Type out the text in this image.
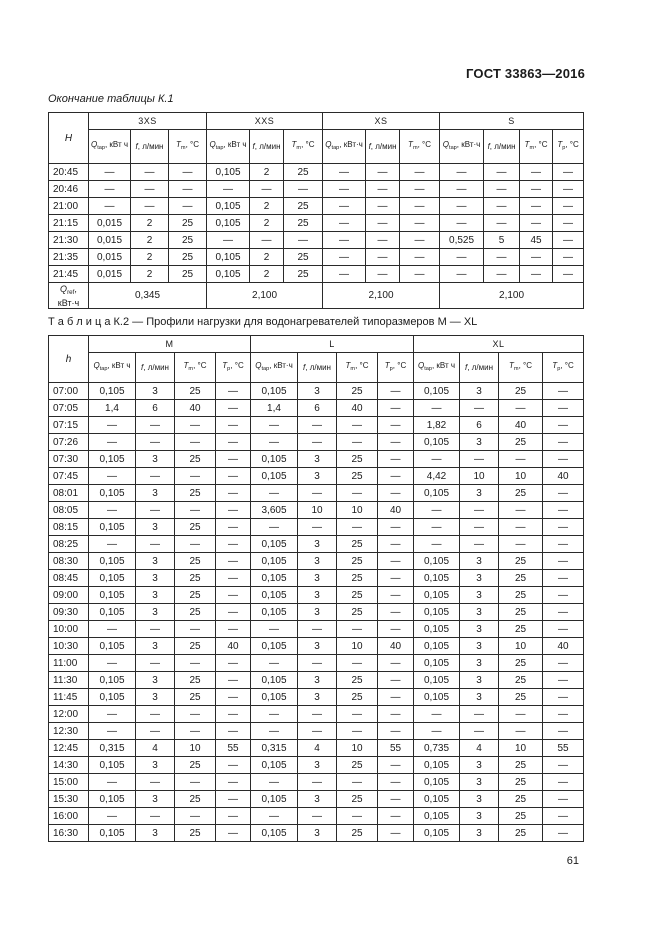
ГОСТ 33863—2016
Окончание таблицы К.1
H	3XS			XXS			XS			S			
	$Q_{tap}$, кВт ч	f, л/мин	$T_m$, °C	$Q_{tap}$, кВт ч	f, л/мин	$T_m$, °C	$Q_{tap}$, кВт·ч	f, л/мин	$T_m$, °C	$Q_{tap}$, кВт·ч	f, л/мин	$T_m$, °C	$T_p$, °C
20:45	—	—	—	0,105	2	25	—	—	—	—	—	—	—
20:46	—	—	—	—	—	—	—	—	—	—	—	—	—
21:00	—	—	—	0,105	2	25	—	—	—	—	—	—	—
21:15	0,015	2	25	0,105	2	25	—	—	—	—	—	—	—
21:30	0,015	2	25	—	—	—	—	—	—	0,525	5	45	—
21:35	0,015	2	25	0,105	2	25	—	—	—	—	—	—	—
21:45	0,015	2	25	0,105	2	25	—	—	—	—	—	—	—
$Q_{ref}$, кВт·ч	0,345			2,100			2,100			2,100			
Т а б л и ц а К.2 — Профили нагрузки для водонагревателей типоразмеров M — XL
h	M				L				XL			
	$Q_{tap}$, кВт ч	f, л/мин	$T_m$, °C	$T_p$, °C	$Q_{tap}$, кВт·ч	f, л/мин	$T_m$, °C	$T_p$, °C	$Q_{tap}$, кВт ч	f, л/мин	$T_m$, °C	$T_p$, °C
07:00	0,105	3	25	—	0,105	3	25	—	0,105	3	25	—
07:05	1,4	6	40	—	1,4	6	40	—	—	—	—	—
07:15	—	—	—	—	—	—	—	—	1,82	6	40	—
07:26	—	—	—	—	—	—	—	—	0,105	3	25	—
07:30	0,105	3	25	—	0,105	3	25	—	—	—	—	—
07:45	—	—	—	—	0,105	3	25	—	4,42	10	10	40
08:01	0,105	3	25	—	—	—	—	—	0,105	3	25	—
08:05	—	—	—	—	3,605	10	10	40	—	—	—	—
08:15	0,105	3	25	—	—	—	—	—	—	—	—	—
08:25	—	—	—	—	0,105	3	25	—	—	—	—	—
08:30	0,105	3	25	—	0,105	3	25	—	0,105	3	25	—
08:45	0,105	3	25	—	0,105	3	25	—	0,105	3	25	—
09:00	0,105	3	25	—	0,105	3	25	—	0,105	3	25	—
09:30	0,105	3	25	—	0,105	3	25	—	0,105	3	25	—
10:00	—	—	—	—	—	—	—	—	0,105	3	25	—
10:30	0,105	3	25	40	0,105	3	10	40	0,105	3	10	40
11:00	—	—	—	—	—	—	—	—	0,105	3	25	—
11:30	0,105	3	25	—	0,105	3	25	—	0,105	3	25	—
11:45	0,105	3	25	—	0,105	3	25	—	0,105	3	25	—
12:00	—	—	—	—	—	—	—	—	—	—	—	—
12:30	—	—	—	—	—	—	—	—	—	—	—	—
12:45	0,315	4	10	55	0,315	4	10	55	0,735	4	10	55
14:30	0,105	3	25	—	0,105	3	25	—	0,105	3	25	—
15:00	—	—	—	—	—	—	—	—	0,105	3	25	—
15:30	0,105	3	25	—	0,105	3	25	—	0,105	3	25	—
16:00	—	—	—	—	—	—	—	—	0,105	3	25	—
16:30	0,105	3	25	—	0,105	3	25	—	0,105	3	25	—
61
